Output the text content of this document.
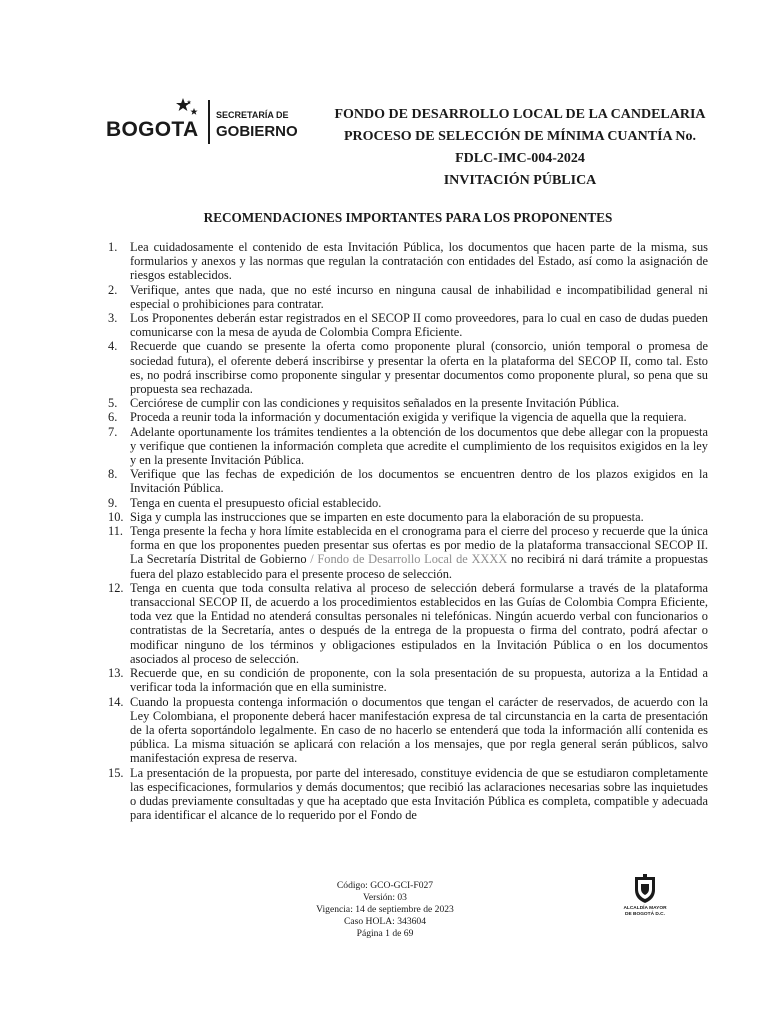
BOGOTA
SECRETARÍA DE
GOBIERNO
FONDO DE DESARROLLO LOCAL DE LA CANDELARIA
PROCESO DE SELECCIÓN DE MÍNIMA CUANTÍA No.
FDLC-IMC-004-2024
INVITACIÓN PÚBLICA
RECOMENDACIONES IMPORTANTES PARA LOS PROPONENTES
1.	Lea cuidadosamente el contenido de esta Invitación Pública, los documentos que hacen parte de la misma, sus formularios y anexos y las normas que regulan la contratación con entidades del Estado, así como la asignación de riesgos establecidos.
2.	Verifique, antes que nada, que no esté incurso en ninguna causal de inhabilidad e incompatibilidad general ni especial o prohibiciones para contratar.
3.	Los Proponentes deberán estar registrados en el SECOP II como proveedores, para lo cual en caso de dudas pueden comunicarse con la mesa de ayuda de Colombia Compra Eficiente.
4.	Recuerde que cuando se presente la oferta como proponente plural (consorcio, unión temporal o promesa de sociedad futura), el oferente deberá inscribirse y presentar la oferta en la plataforma del SECOP II, como tal. Esto es, no podrá inscribirse como proponente singular y presentar documentos como proponente plural, so pena que su propuesta sea rechazada.
5.	Cerciórese de cumplir con las condiciones y requisitos señalados en la presente Invitación Pública.
6.	Proceda a reunir toda la información y documentación exigida y verifique la vigencia de aquella que la requiera.
7.	Adelante oportunamente los trámites tendientes a la obtención de los documentos que debe allegar con la propuesta y verifique que contienen la información completa que acredite el cumplimiento de los requisitos exigidos en la ley y en la presente Invitación Pública.
8.	Verifique que las fechas de expedición de los documentos se encuentren dentro de los plazos exigidos en la Invitación Pública.
9.	Tenga en cuenta el presupuesto oficial establecido.
10. Siga y cumpla las instrucciones que se imparten en este documento para la elaboración de su propuesta.
11. Tenga presente la fecha y hora límite establecida en el cronograma para el cierre del proceso y recuerde que la única forma en que los proponentes pueden presentar sus ofertas es por medio de la plataforma transaccional SECOP II. La Secretaría Distrital de Gobierno / Fondo de Desarrollo Local de XXXX no recibirá ni dará trámite a propuestas fuera del plazo establecido para el presente proceso de selección.
12. Tenga en cuenta que toda consulta relativa al proceso de selección deberá formularse a través de la plataforma transaccional SECOP II, de acuerdo a los procedimientos establecidos en las Guías de Colombia Compra Eficiente, toda vez que la Entidad no atenderá consultas personales ni telefónicas. Ningún acuerdo verbal con funcionarios o contratistas de la Secretaría, antes o después de la entrega de la propuesta o firma del contrato, podrá afectar o modificar ninguno de los términos y obligaciones estipulados en la Invitación Pública o en los documentos asociados al proceso de selección.
13. Recuerde que, en su condición de proponente, con la sola presentación de su propuesta, autoriza a la Entidad a verificar toda la información que en ella suministre.
14. Cuando la propuesta contenga información o documentos que tengan el carácter de reservados, de acuerdo con la Ley Colombiana, el proponente deberá hacer manifestación expresa de tal circunstancia en la carta de presentación de la oferta soportándolo legalmente. En caso de no hacerlo se entenderá que toda la información allí contenida es pública. La misma situación se aplicará con relación a los mensajes, que por regla general serán públicos, salvo manifestación expresa de reserva.
15. La presentación de la propuesta, por parte del interesado, constituye evidencia de que se estudiaron completamente las especificaciones, formularios y demás documentos; que recibió las aclaraciones necesarias sobre las inquietudes o dudas previamente consultadas y que ha aceptado que esta Invitación Pública es completa, compatible y adecuada para identificar el alcance de lo requerido por el Fondo de
Código: GCO-GCI-F027
Versión: 03
Vigencia: 14 de septiembre de 2023
Caso HOLA: 343604
Página 1 de 69
ALCALDÍA MAYOR
DE BOGOTÁ D.C.
